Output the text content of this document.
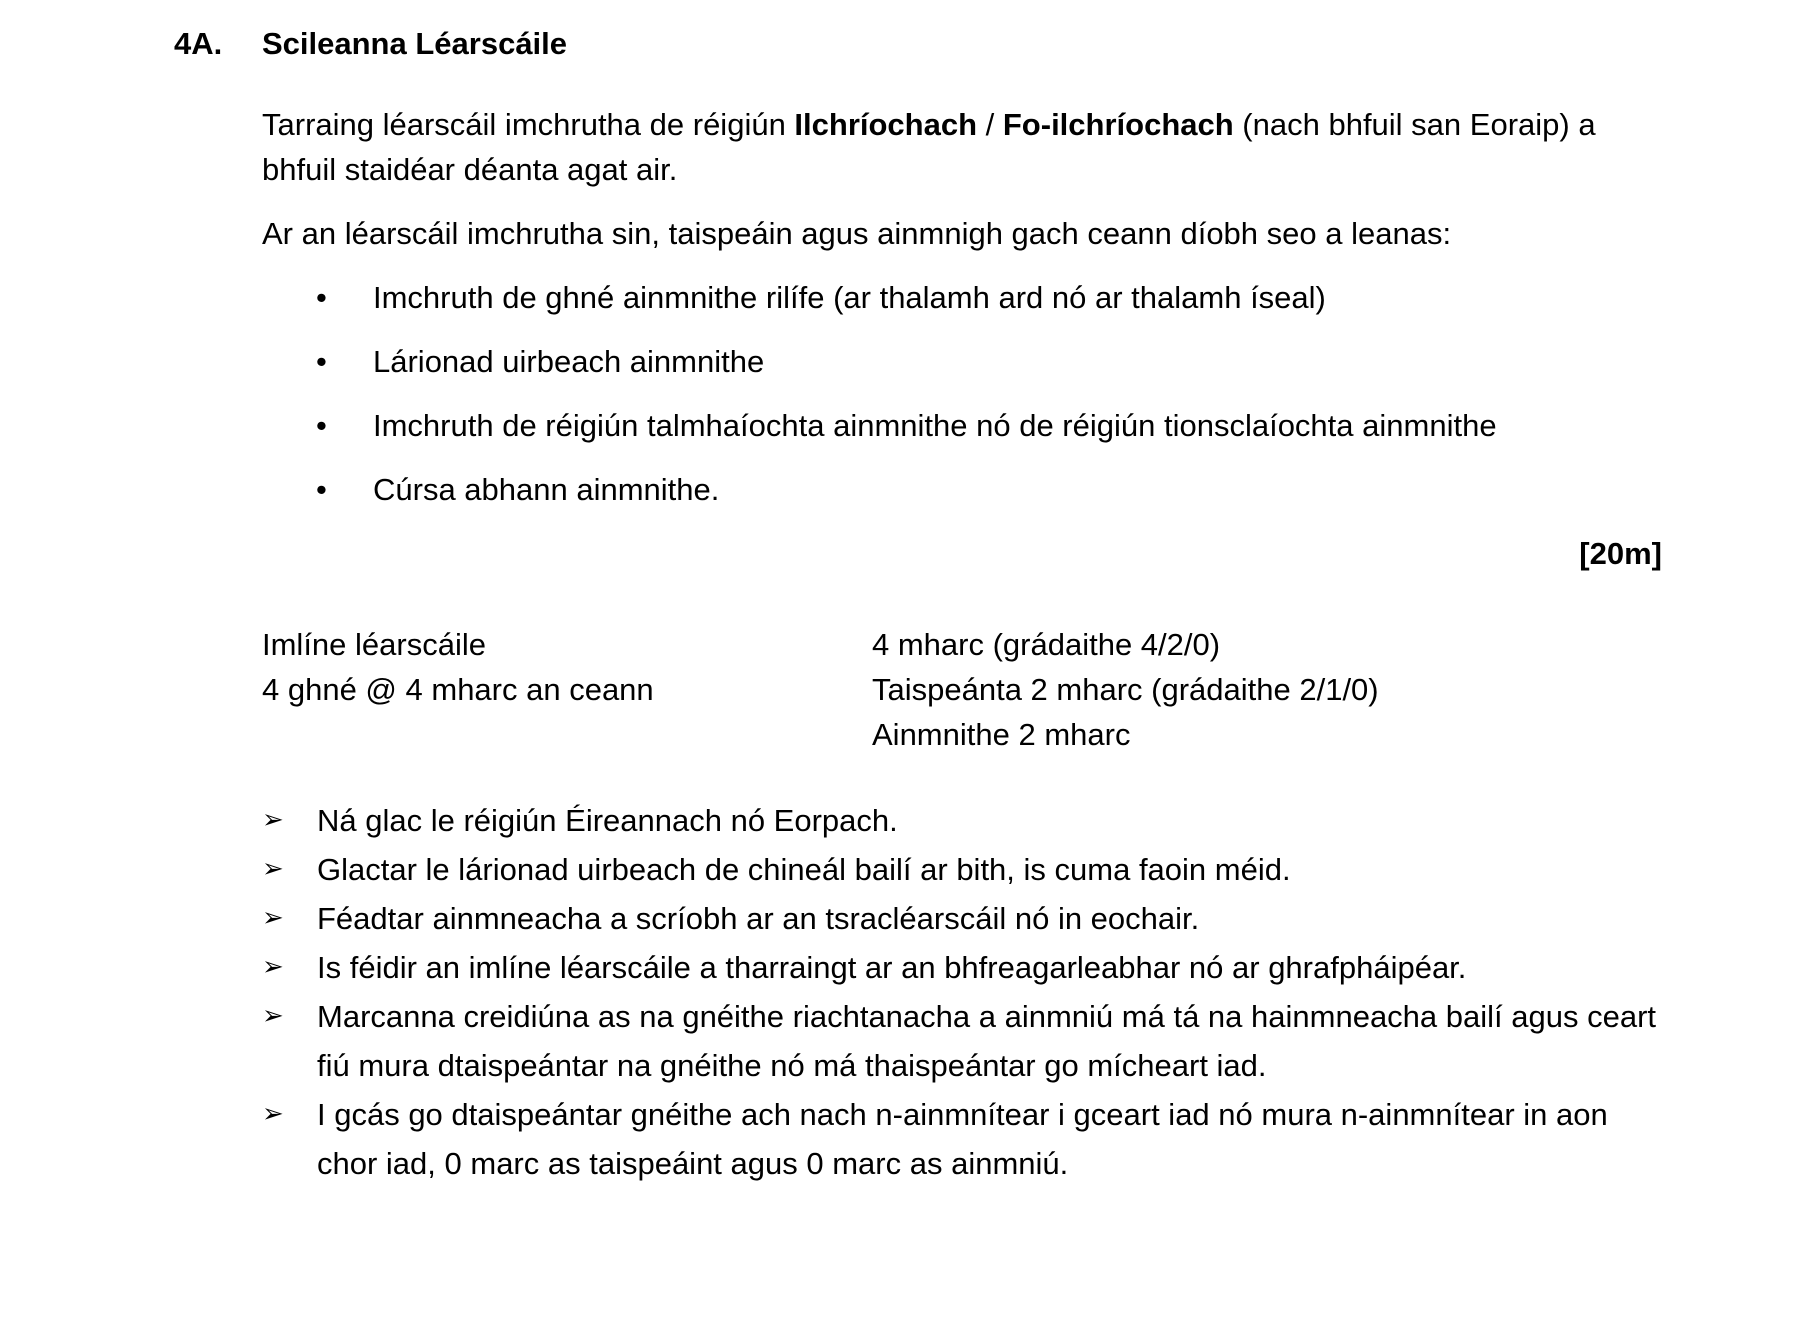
4A. Scileanna Léarscáile

Tarraing léarscáil imchrutha de réigiún Ilchríochach / Fo-ilchríochach (nach bhfuil san Eoraip) a bhfuil staidéar déanta agat air.

Ar an léarscáil imchrutha sin, taispeáin agus ainmnigh gach ceann díobh seo a leanas:

• Imchruth de ghné ainmnithe rilífe (ar thalamh ard nó ar thalamh íseal)
• Lárionad uirbeach ainmnithe
• Imchruth de réigiún talmhaíochta ainmnithe nó de réigiún tionsclaíochta ainmnithe
• Cúrsa abhann ainmnithe.
[20m]
Imlíne léarscáile
4 ghné @ 4 mharc an ceann
4 mharc (grádaithe 4/2/0)
Taispeánta 2 mharc (grádaithe 2/1/0)
Ainmnithe 2 mharc
➢ Ná glac le réigiún Éireannach nó Eorpach.
➢ Glactar le lárionad uirbeach de chineál bailí ar bith, is cuma faoin méid.
➢ Féadtar ainmneacha a scríobh ar an tsracléarscáil nó in eochair.
➢ Is féidir an imlíne léarscáile a tharraingt ar an bhfreagarleabhar nó ar ghrafpháipéar.
➢ Marcanna creidiúna as na gnéithe riachtanacha a ainmniú má tá na hainmneacha bailí agus ceart fiú mura dtaispeántar na gnéithe nó má thaispeántar go mícheart iad.
➢ I gcás go dtaispeántar gnéithe ach nach n-ainmnítear i gceart iad nó mura n-ainmnítear in aon chor iad, 0 marc as taispeáint agus 0 marc as ainmniú.
